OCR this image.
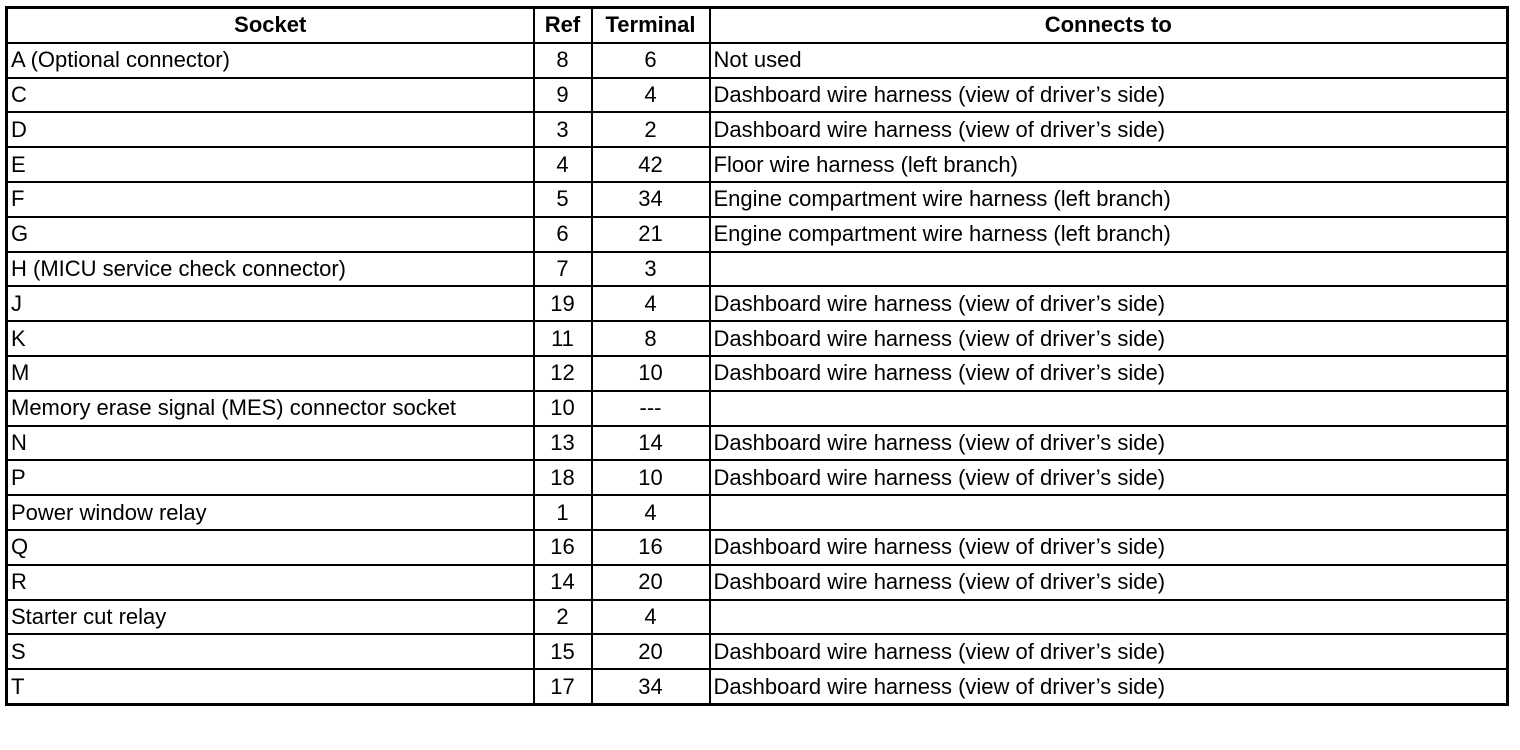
Socket	Ref	Terminal	Connects to
A (Optional connector)	8	6	Not used
C	9	4	Dashboard wire harness (view of driver’s side)
D	3	2	Dashboard wire harness (view of driver’s side)
E	4	42	Floor wire harness (left branch)
F	5	34	Engine compartment wire harness (left branch)
G	6	21	Engine compartment wire harness (left branch)
H (MICU service check connector)	7	3	
J	19	4	Dashboard wire harness (view of driver’s side)
K	11	8	Dashboard wire harness (view of driver’s side)
M	12	10	Dashboard wire harness (view of driver’s side)
Memory erase signal (MES) connector socket	10	---	
N	13	14	Dashboard wire harness (view of driver’s side)
P	18	10	Dashboard wire harness (view of driver’s side)
Power window relay	1	4	
Q	16	16	Dashboard wire harness (view of driver’s side)
R	14	20	Dashboard wire harness (view of driver’s side)
Starter cut relay	2	4	
S	15	20	Dashboard wire harness (view of driver’s side)
T	17	34	Dashboard wire harness (view of driver’s side)
